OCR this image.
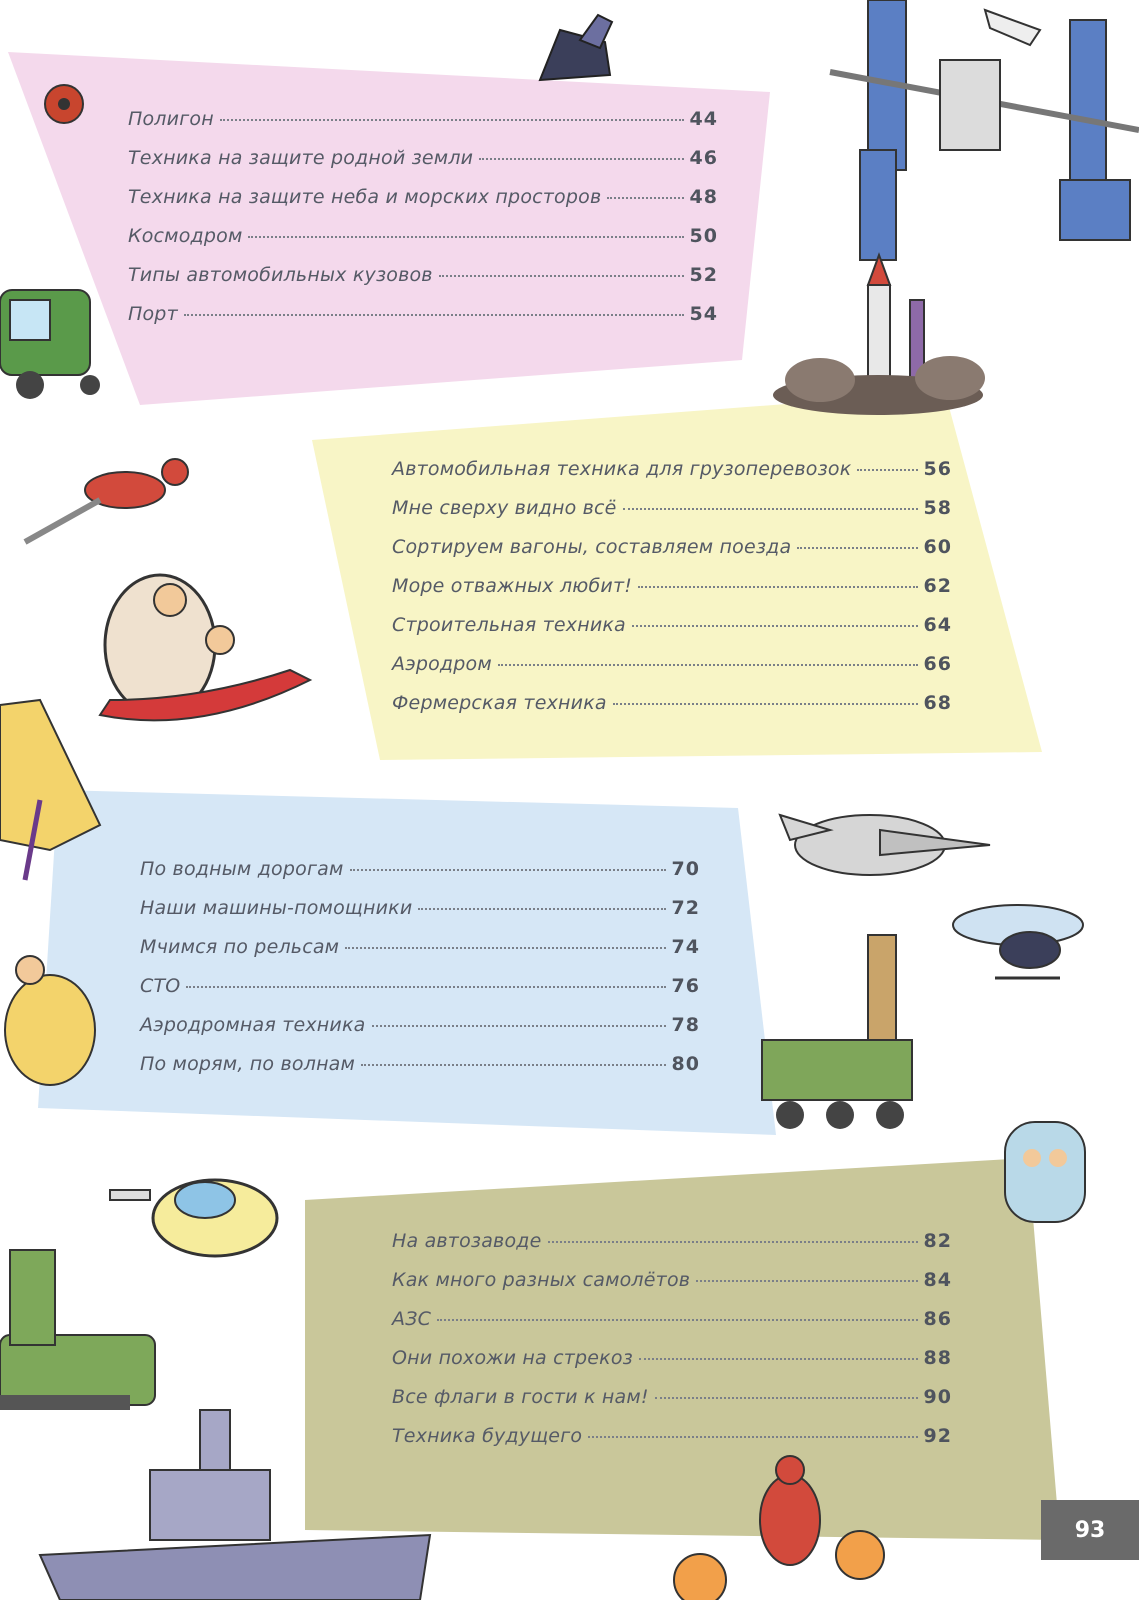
Полигон	44
Техника на защите родной земли	46
Техника на защите неба и морских просторов	48
Космодром	50
Типы автомобильных кузовов	52
Порт	54
Автомобильная техника для грузоперевозок	56
Мне сверху видно всё	58
Сортируем вагоны, составляем поезда	60
Море отважных любит!	62
Строительная техника	64
Аэродром	66
Фермерская техника	68
По водным дорогам	70
Наши машины-помощники	72
Мчимся по рельсам	74
СТО	76
Аэродромная техника	78
По морям, по волнам	80
На автозаводе	82
Как много разных самолётов	84
АЗС	86
Они похожи на стрекоз	88
Все флаги в гости к нам!	90
Техника будущего	92
93
